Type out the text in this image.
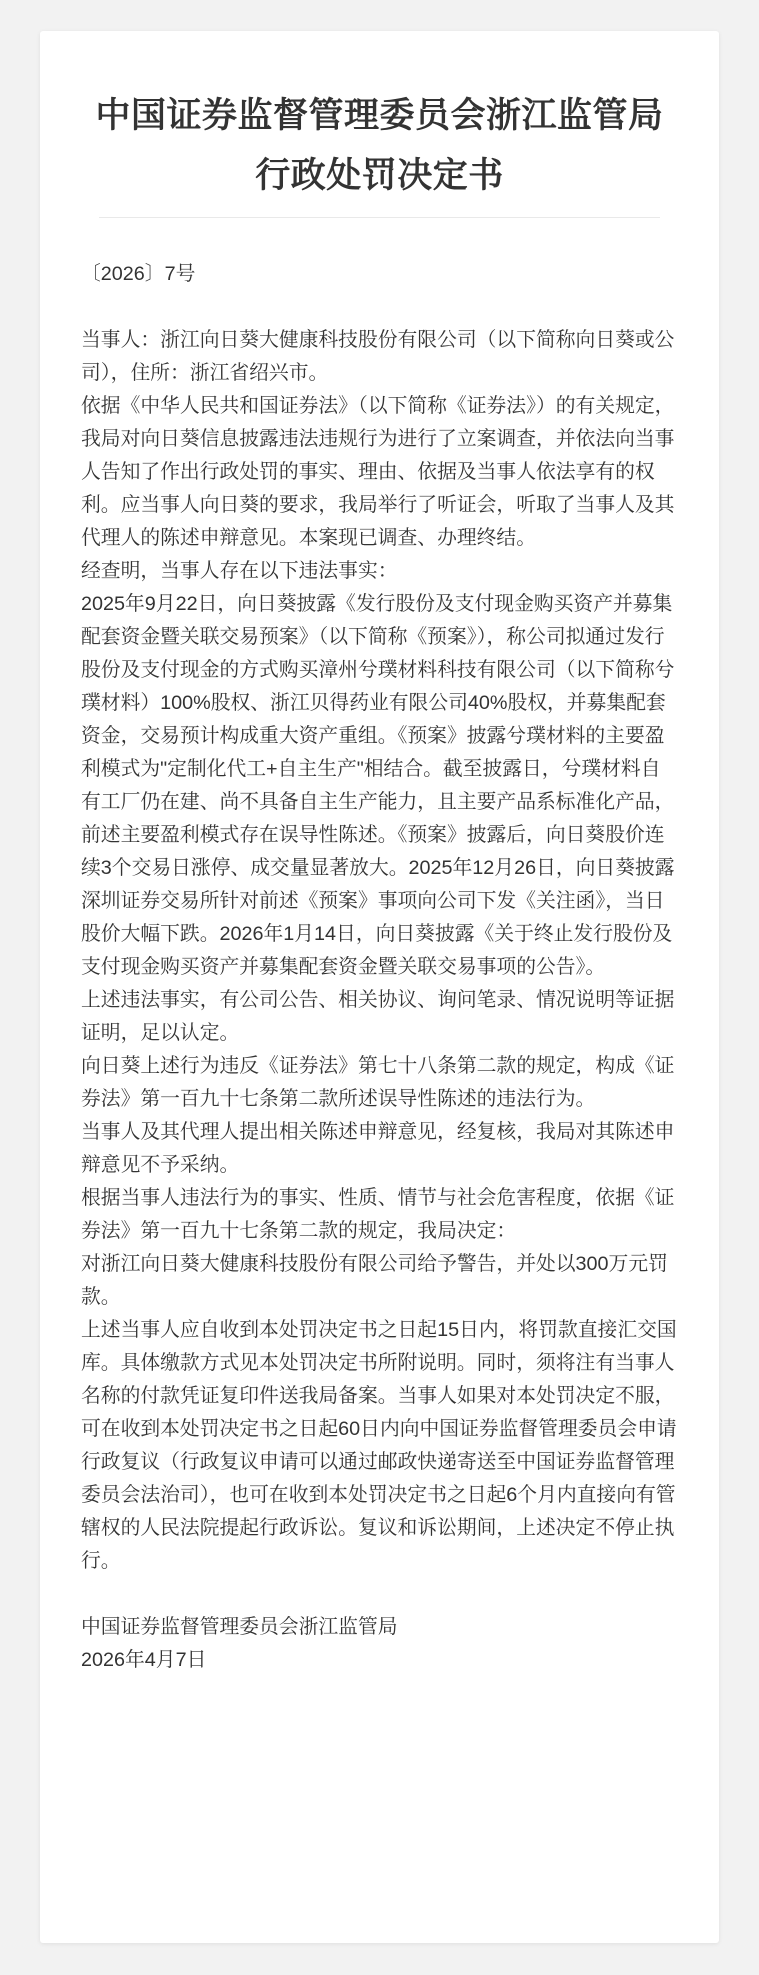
中国证券监督管理委员会浙江监管局
行政处罚决定书
〔2026〕7号

当事人：浙江向日葵大健康科技股份有限公司（以下简称向日葵或公司），住所：浙江省绍兴市。

依据《中华人民共和国证券法》（以下简称《证券法》）的有关规定，我局对向日葵信息披露违法违规行为进行了立案调查，并依法向当事人告知了作出行政处罚的事实、理由、依据及当事人依法享有的权利。应当事人向日葵的要求，我局举行了听证会，听取了当事人及其代理人的陈述申辩意见。本案现已调查、办理终结。

经查明，当事人存在以下违法事实：

2025年9月22日，向日葵披露《发行股份及支付现金购买资产并募集配套资金暨关联交易预案》（以下简称《预案》），称公司拟通过发行股份及支付现金的方式购买漳州兮璞材料科技有限公司（以下简称兮璞材料）100%股权、浙江贝得药业有限公司40%股权，并募集配套资金，交易预计构成重大资产重组。《预案》披露兮璞材料的主要盈利模式为"定制化代工+自主生产"相结合。截至披露日，兮璞材料自有工厂仍在建、尚不具备自主生产能力，且主要产品系标准化产品，前述主要盈利模式存在误导性陈述。《预案》披露后，向日葵股价连续3个交易日涨停、成交量显著放大。2025年12月26日，向日葵披露深圳证券交易所针对前述《预案》事项向公司下发《关注函》，当日股价大幅下跌。2026年1月14日，向日葵披露《关于终止发行股份及支付现金购买资产并募集配套资金暨关联交易事项的公告》。

上述违法事实，有公司公告、相关协议、询问笔录、情况说明等证据证明，足以认定。

向日葵上述行为违反《证券法》第七十八条第二款的规定，构成《证券法》第一百九十七条第二款所述误导性陈述的违法行为。

当事人及其代理人提出相关陈述申辩意见，经复核，我局对其陈述申辩意见不予采纳。

根据当事人违法行为的事实、性质、情节与社会危害程度，依据《证券法》第一百九十七条第二款的规定，我局决定：

对浙江向日葵大健康科技股份有限公司给予警告，并处以300万元罚款。

上述当事人应自收到本处罚决定书之日起15日内，将罚款直接汇交国库。具体缴款方式见本处罚决定书所附说明。同时，须将注有当事人名称的付款凭证复印件送我局备案。当事人如果对本处罚决定不服，可在收到本处罚决定书之日起60日内向中国证券监督管理委员会申请行政复议（行政复议申请可以通过邮政快递寄送至中国证券监督管理委员会法治司），也可在收到本处罚决定书之日起6个月内直接向有管辖权的人民法院提起行政诉讼。复议和诉讼期间，上述决定不停止执行。

中国证券监督管理委员会浙江监管局
2026年4月7日
